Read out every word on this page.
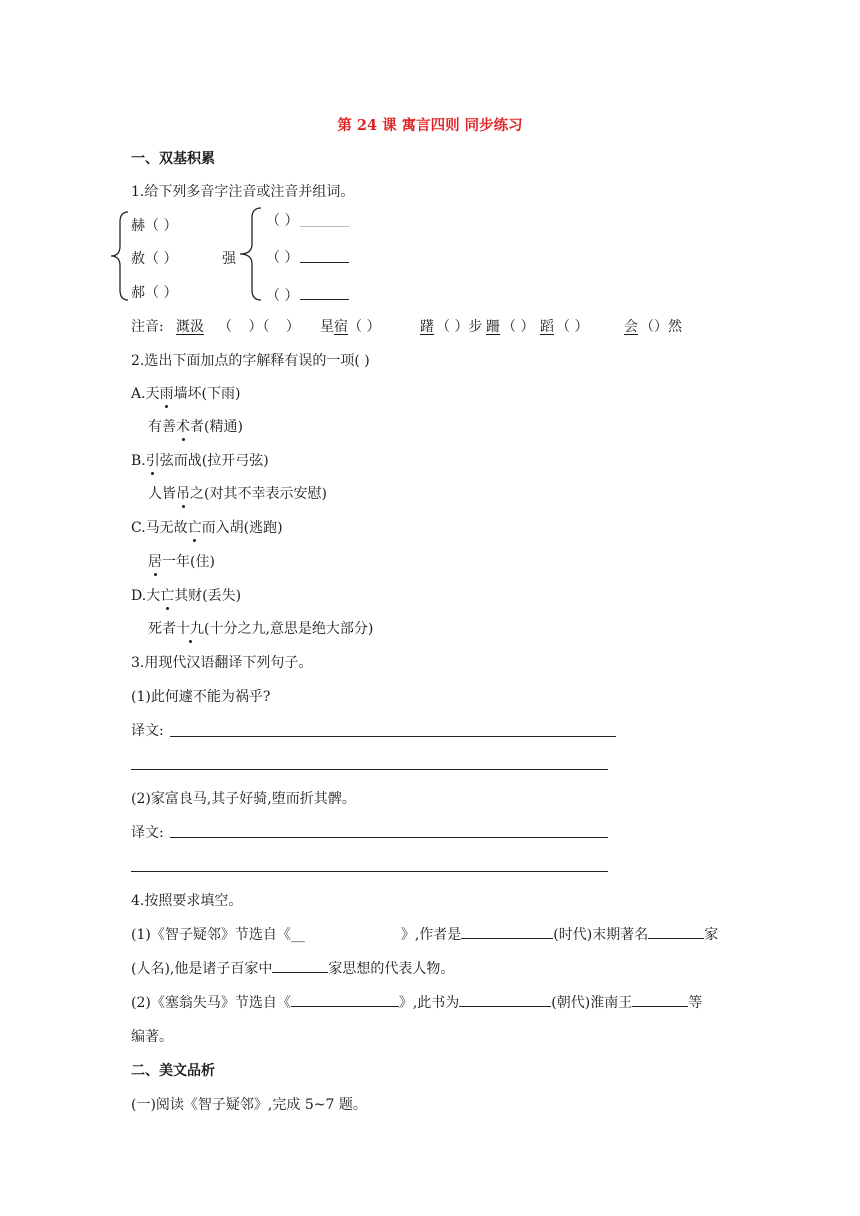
第 24 课 寓言四则 同步练习
一、双基积累
1.给下列多音字注音或注音并组词。
赫（ ）
赦（ ）
郝（ ）
强
（ ）
（ ）
（ ）
注音: 溉汲 （ ）（ ） 星宿（ ）	躇 （ ）步 跚 （ ） 蹈 （ ）	会 （）然
2.选出下面加点的字解释有误的一项( )
A.天雨墙坏(下雨)
有善术者(精通)
B.引弦而战(拉开弓弦)
人皆吊之(对其不幸表示安慰)
C.马无故亡而入胡(逃跑)
居一年(住)
D.大亡其财(丢失)
死者十九(十分之九,意思是绝大部分)
3.用现代汉语翻译下列句子。
(1)此何遽不能为祸乎?
译文:
(2)家富良马,其子好骑,堕而折其髀。
译文:
4.按照要求填空。
(1)《智子疑邻》节选自《__	》,作者是	(时代)末期著名	家
(人名),他是诸子百家中	家思想的代表人物。
(2)《塞翁失马》节选自《	》,此书为	(朝代)淮南王	等
编著。
二、美文品析
(一)阅读《智子疑邻》,完成 5~7 题。
